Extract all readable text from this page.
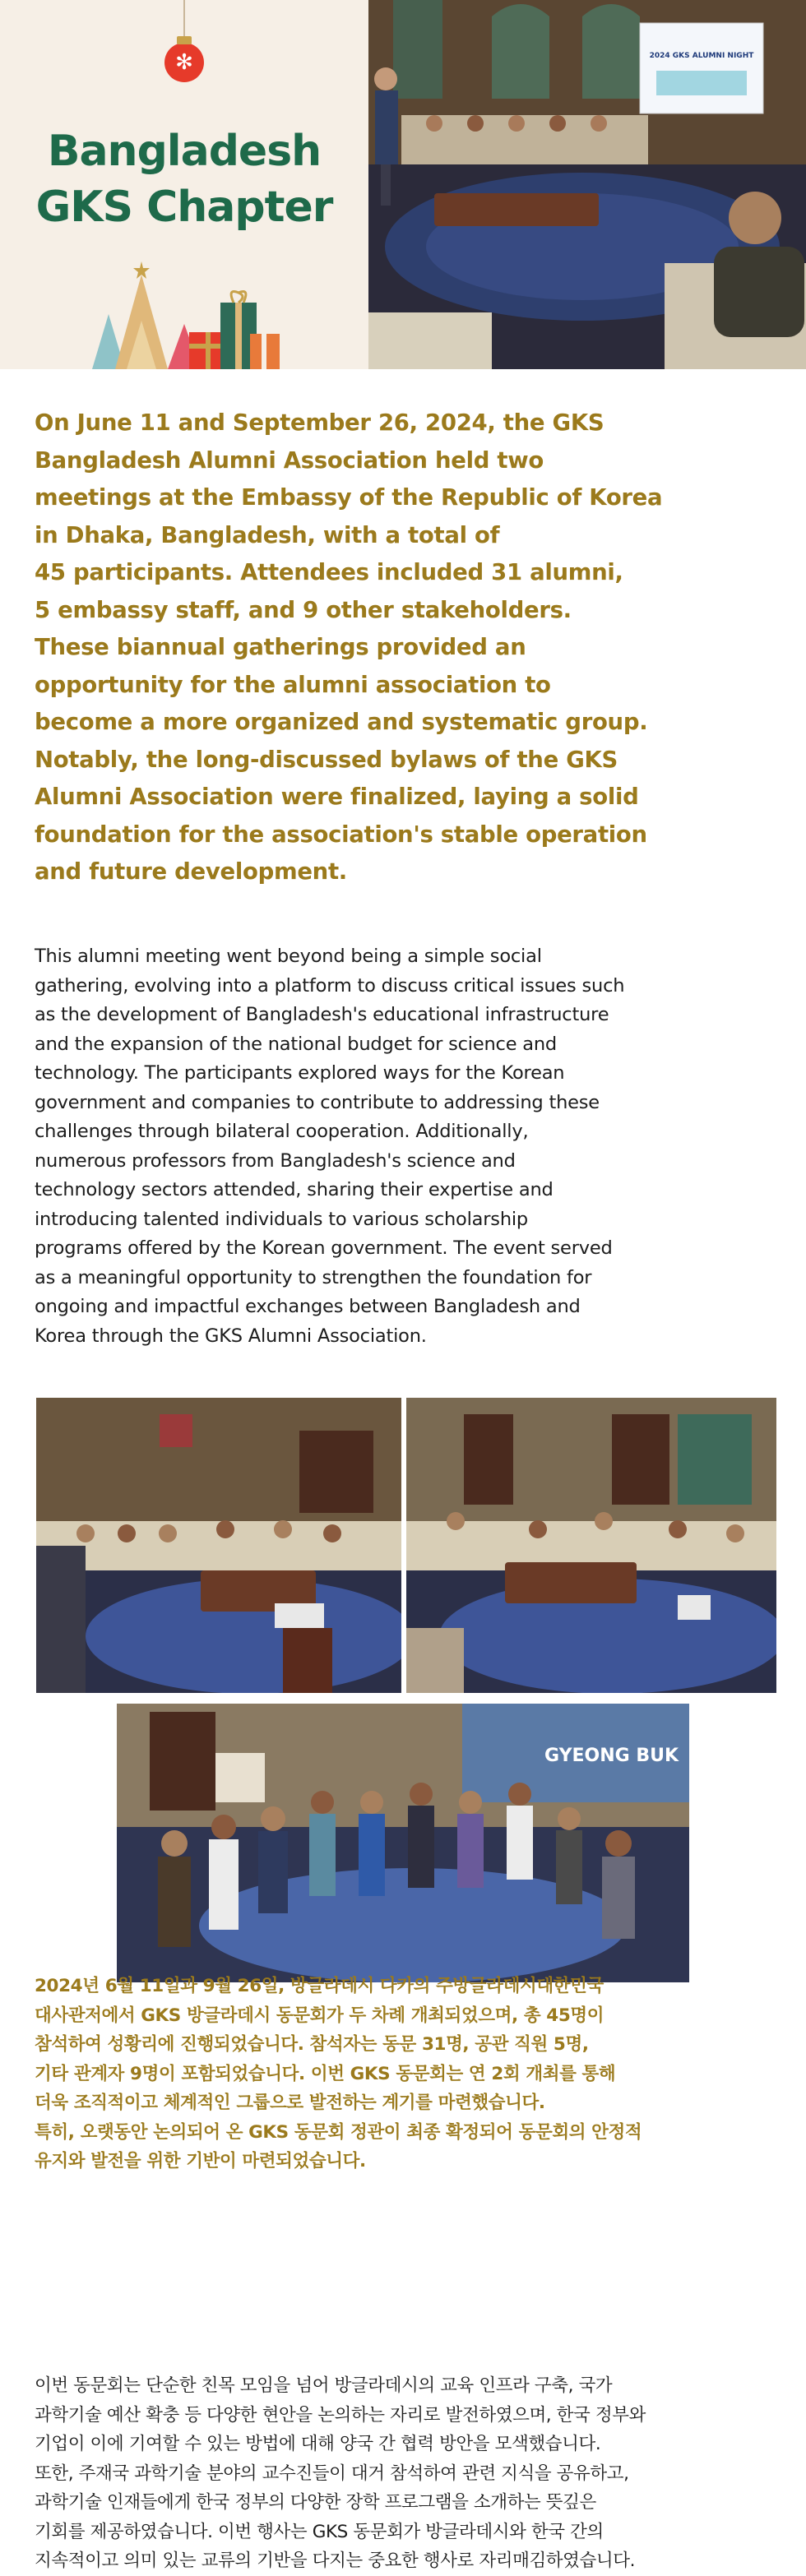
✻
Bangladesh
GKS Chapter
2024 GKS ALUMNI NIGHT
On June 11 and September 26, 2024, the GKS
Bangladesh Alumni Association held two
meetings at the Embassy of the Republic of Korea
in Dhaka, Bangladesh, with a total of
45 participants. Attendees included 31 alumni,
5 embassy staff, and 9 other stakeholders.
These biannual gatherings provided an
opportunity for the alumni association to
become a more organized and systematic group.
Notably, the long-discussed bylaws of the GKS
Alumni Association were finalized, laying a solid
foundation for the association's stable operation
and future development.
This alumni meeting went beyond being a simple social
gathering, evolving into a platform to discuss critical issues such
as the development of Bangladesh's educational infrastructure
and the expansion of the national budget for science and
technology. The participants explored ways for the Korean
government and companies to contribute to addressing these
challenges through bilateral cooperation. Additionally,
numerous professors from Bangladesh's science and
technology sectors attended, sharing their expertise and
introducing talented individuals to various scholarship
programs offered by the Korean government. The event served
as a meaningful opportunity to strengthen the foundation for
ongoing and impactful exchanges between Bangladesh and
Korea through the GKS Alumni Association.
GYEONG BUK
2024년 6월 11일과 9월 26일, 방글라데시 다카의 주방글라데시대한민국
대사관저에서 GKS 방글라데시 동문회가 두 차례 개최되었으며, 총 45명이
참석하여 성황리에 진행되었습니다. 참석자는 동문 31명, 공관 직원 5명,
기타 관계자 9명이 포함되었습니다. 이번 GKS 동문회는 연 2회 개최를 통해
더욱 조직적이고 체계적인 그룹으로 발전하는 계기를 마련했습니다.
특히, 오랫동안 논의되어 온 GKS 동문회 정관이 최종 확정되어 동문회의 안정적
유지와 발전을 위한 기반이 마련되었습니다.
이번 동문회는 단순한 친목 모임을 넘어 방글라데시의 교육 인프라 구축, 국가
과학기술 예산 확충 등 다양한 현안을 논의하는 자리로 발전하였으며, 한국 정부와
기업이 이에 기여할 수 있는 방법에 대해 양국 간 협력 방안을 모색했습니다.
또한, 주재국 과학기술 분야의 교수진들이 대거 참석하여 관련 지식을 공유하고,
과학기술 인재들에게 한국 정부의 다양한 장학 프로그램을 소개하는 뜻깊은
기회를 제공하였습니다. 이번 행사는 GKS 동문회가 방글라데시와 한국 간의
지속적이고 의미 있는 교류의 기반을 다지는 중요한 행사로 자리매김하였습니다.
